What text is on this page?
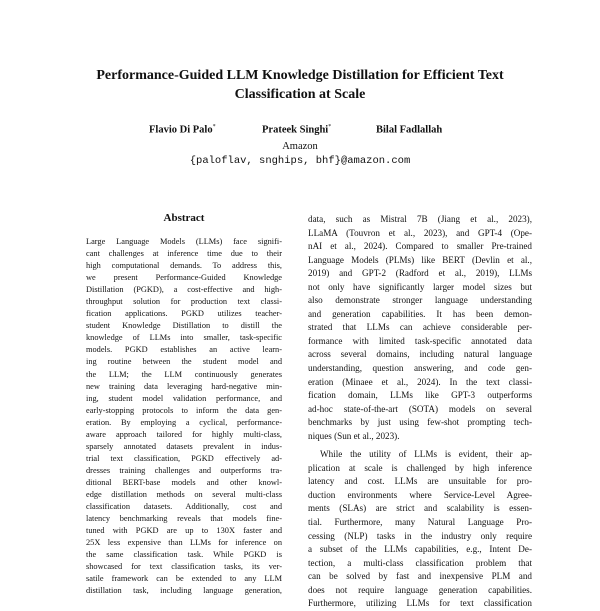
Performance-Guided LLM Knowledge Distillation for Efficient Text
Classification at Scale
Flavio Di Palo*	Prateek Singhi*	Bilal Fadlallah
Amazon
{paloflav, snghips, bhf}@amazon.com
Abstract
Large Language Models (LLMs) face signifi-
cant challenges at inference time due to their
high computational demands. To address this,
we present Performance-Guided Knowledge
Distillation (PGKD), a cost-effective and high-
throughput solution for production text classi-
fication applications. PGKD utilizes teacher-
student Knowledge Distillation to distill the
knowledge of LLMs into smaller, task-specific
models. PGKD establishes an active learn-
ing routine between the student model and
the LLM; the LLM continuously generates
new training data leveraging hard-negative min-
ing, student model validation performance, and
early-stopping protocols to inform the data gen-
eration. By employing a cyclical, performance-
aware approach tailored for highly multi-class,
sparsely annotated datasets prevalent in indus-
trial text classification, PGKD effectively ad-
dresses training challenges and outperforms tra-
ditional BERT-base models and other knowl-
edge distillation methods on several multi-class
classification datasets. Additionally, cost and
latency benchmarking reveals that models fine-
tuned with PGKD are up to 130X faster and
25X less expensive than LLMs for inference on
the same classification task. While PGKD is
showcased for text classification tasks, its ver-
satile framework can be extended to any LLM
distillation task, including language generation,
data, such as Mistral 7B (Jiang et al., 2023),
LLaMA (Touvron et al., 2023), and GPT-4 (Ope-
nAI et al., 2024). Compared to smaller Pre-trained
Language Models (PLMs) like BERT (Devlin et al.,
2019) and GPT-2 (Radford et al., 2019), LLMs
not only have significantly larger model sizes but
also demonstrate stronger language understanding
and generation capabilities. It has been demon-
strated that LLMs can achieve considerable per-
formance with limited task-specific annotated data
across several domains, including natural language
understanding, question answering, and code gen-
eration (Minaee et al., 2024). In the text classi-
fication domain, LLMs like GPT-3 outperforms
ad-hoc state-of-the-art (SOTA) models on several
benchmarks by just using few-shot prompting tech-
niques (Sun et al., 2023).
While the utility of LLMs is evident, their ap-
plication at scale is challenged by high inference
latency and cost. LLMs are unsuitable for pro-
duction environments where Service-Level Agree-
ments (SLAs) are strict and scalability is essen-
tial. Furthermore, many Natural Language Pro-
cessing (NLP) tasks in the industry only require
a subset of the LLMs capabilities, e.g., Intent De-
tection, a multi-class classification problem that
can be solved by fast and inexpensive PLM and
does not require language generation capabilities.
Furthermore, utilizing LLMs for text classification
